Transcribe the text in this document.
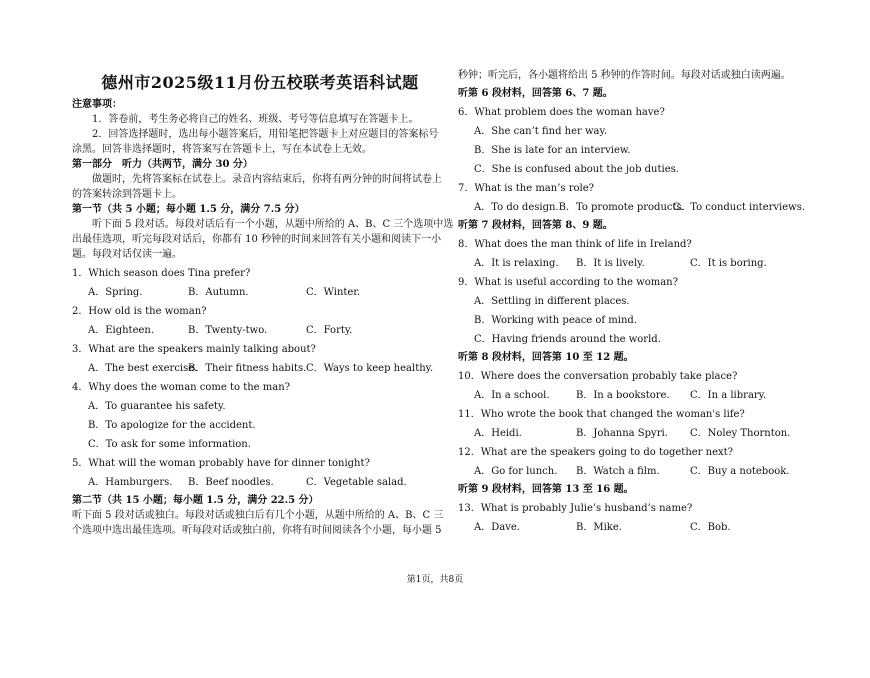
德州市2025级11月份五校联考英语科试题
注意事项：
1．答卷前，考生务必将自己的姓名、班级、考号等信息填写在答题卡上。
2．回答选择题时，选出每小题答案后，用铅笔把答题卡上对应题目的答案标号
涂黑。回答非选择题时，将答案写在答题卡上，写在本试卷上无效。
第一部分　听力（共两节，满分 30 分）
做题时，先将答案标在试卷上。录音内容结束后，你将有两分钟的时间将试卷上
的答案转涂到答题卡上。
第一节（共 5 小题；每小题 1.5 分，满分 7.5 分）
听下面 5 段对话。每段对话后有一个小题，从题中所给的 A、B、C 三个选项中选
出最佳选项，听完每段对话后，你都有 10 秒钟的时间来回答有关小题和阅读下一小
题。每段对话仅读一遍。
1．Which season does Tina prefer?
A．Spring.	B．Autumn.	C．Winter.
2．How old is the woman?
A．Eighteen.	B．Twenty-two.	C．Forty.
3．What are the speakers mainly talking about?
A．The best exercise.
B．Their fitness habits. C．Ways to keep healthy.
4．Why does the woman come to the man?
A．To guarantee his safety.
B．To apologize for the accident.
C．To ask for some information.
5．What will the woman probably have for dinner tonight?
A．Hamburgers.	B．Beef noodles.	C．Vegetable salad.
第二节（共 15 小题；每小题 1.5 分，满分 22.5 分）
听下面 5 段对话或独白。每段对话或独白后有几个小题，从题中所给的 A、B、C 三
个选项中选出最佳选项。听每段对话或独白前，你将有时间阅读各个小题，每小题 5
秒钟；听完后，各小题将给出 5 秒钟的作答时间。每段对话或独白读两遍。
听第 6 段材料，回答第 6、7 题。
6．What problem does the woman have?
A．She can’t find her way.
B．She is late for an interview.
C．She is confused about the job duties.
7．What is the man’s role?
A．To do design. B．To promote products.
C．To conduct interviews.
听第 7 段材料，回答第 8、9 题。
8．What does the man think of life in Ireland?
A．It is relaxing.	B．It is lively.	C．It is boring.
9．What is useful according to the woman?
A．Settling in different places.
B．Working with peace of mind.
C．Having friends around the world.
听第 8 段材料，回答第 10 至 12 题。
10．Where does the conversation probably take place?
A．In a school.	B．In a bookstore.	C．In a library.
11．Who wrote the book that changed the woman's life?
A．Heidi.	B．Johanna Spyri.	C．Noley Thornton.
12．What are the speakers going to do together next?
A．Go for lunch.	B．Watch a film.	C．Buy a notebook.
听第 9 段材料，回答第 13 至 16 题。
13．What is probably Julie’s husband’s name?
A．Dave.	B．Mike.	C．Bob.
第1页，共8页
